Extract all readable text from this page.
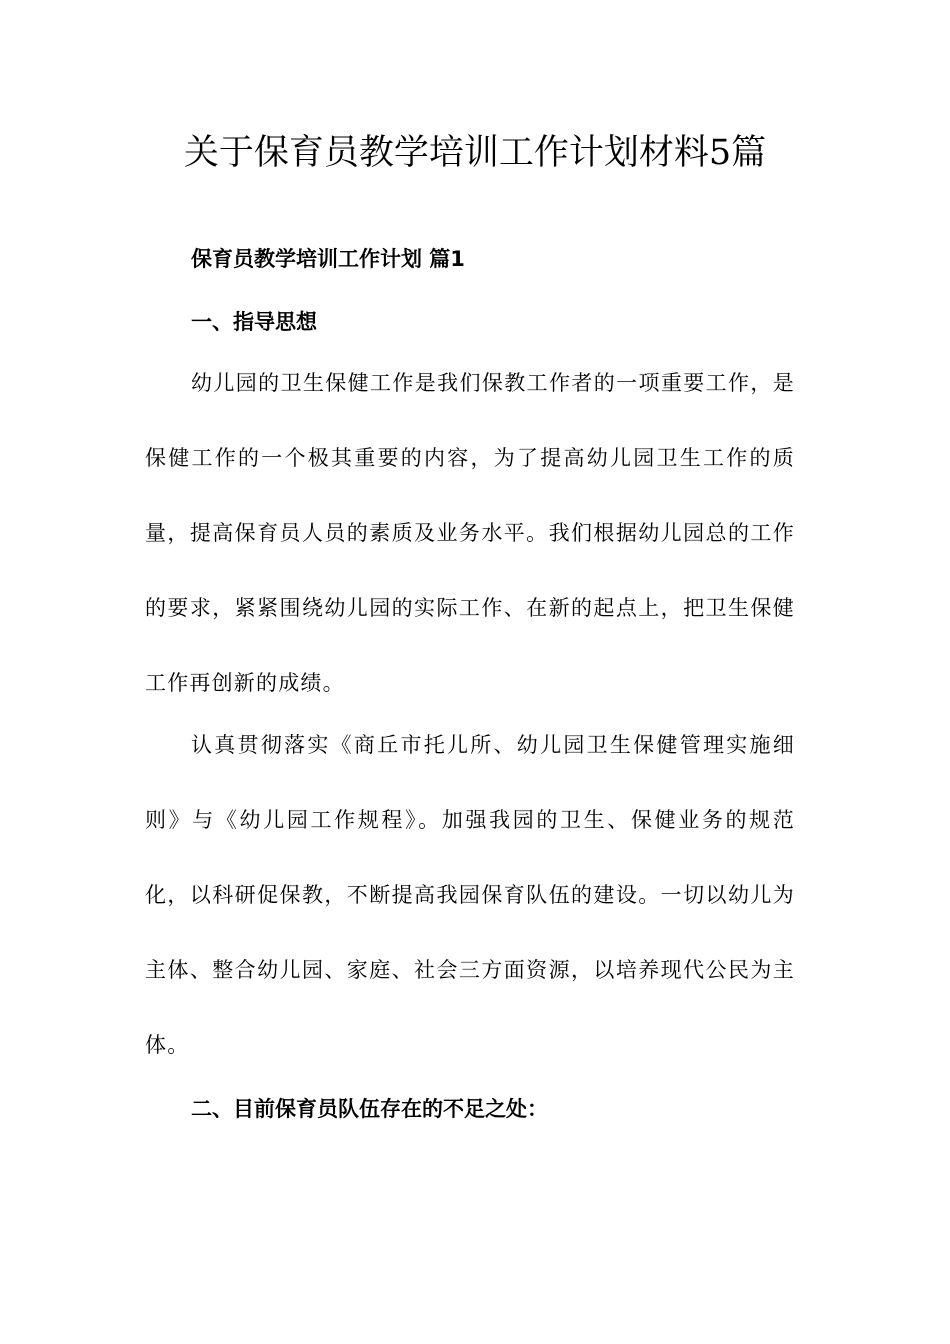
关于保育员教学培训工作计划材料5篇

保育员教学培训工作计划 篇1

一、指导思想

幼儿园的卫生保健工作是我们保教工作者的一项重要工作，是保健工作的一个极其重要的内容，为了提高幼儿园卫生工作的质量，提高保育员人员的素质及业务水平。我们根据幼儿园总的工作的要求，紧紧围绕幼儿园的实际工作、在新的起点上，把卫生保健工作再创新的成绩。

认真贯彻落实《商丘市托儿所、幼儿园卫生保健管理实施细则》与《幼儿园工作规程》。加强我园的卫生、保健业务的规范化，以科研促保教，不断提高我园保育队伍的建设。一切以幼儿为主体、整合幼儿园、家庭、社会三方面资源，以培养现代公民为主体。

二、目前保育员队伍存在的不足之处：
